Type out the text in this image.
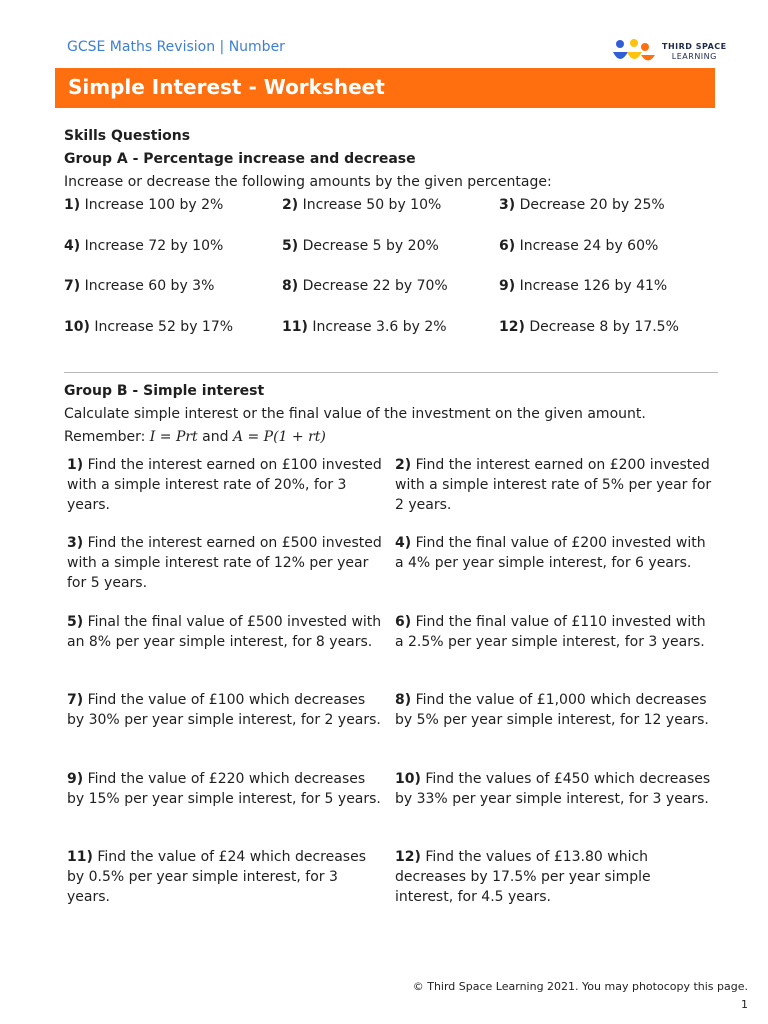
GCSE Maths Revision | Number	THIRD SPACE
LEARNING
Simple Interest - Worksheet
Skills Questions
Group A - Percentage increase and decrease
Increase or decrease the following amounts by the given percentage:
1) Increase 100 by 2%	2) Increase 50 by 10%	3) Decrease 20 by 25%
4) Increase 72 by 10%	5) Decrease 5 by 20%	6) Increase 24 by 60%
7) Increase 60 by 3%	8) Decrease 22 by 70%	9) Increase 126 by 41%
10) Increase 52 by 17%	11) Increase 3.6 by 2%	12) Decrease 8 by 17.5%
Group B - Simple interest
Calculate simple interest or the final value of the investment on the given amount.
Remember: I = Prt and A = P(1 + rt)
1) Find the interest earned on £100 invested with a simple interest rate of 20%, for 3 years.
2) Find the interest earned on £200 invested with a simple interest rate of 5% per year for 2 years.
3) Find the interest earned on £500 invested with a simple interest rate of 12% per year for 5 years.
4) Find the final value of £200 invested with a 4% per year simple interest, for 6 years.
5) Final the final value of £500 invested with an 8% per year simple interest, for 8 years.
6) Find the final value of £110 invested with a 2.5% per year simple interest, for 3 years.
7) Find the value of £100 which decreases by 30% per year simple interest, for 2 years.
8) Find the value of £1,000 which decreases by 5% per year simple interest, for 12 years.
9) Find the value of £220 which decreases by 15% per year simple interest, for 5 years.
10) Find the values of £450 which decreases by 33% per year simple interest, for 3 years.
11) Find the value of £24 which decreases by 0.5% per year simple interest, for 3 years.
12) Find the values of £13.80 which decreases by 17.5% per year simple interest, for 4.5 years.
© Third Space Learning 2021. You may photocopy this page.
1
